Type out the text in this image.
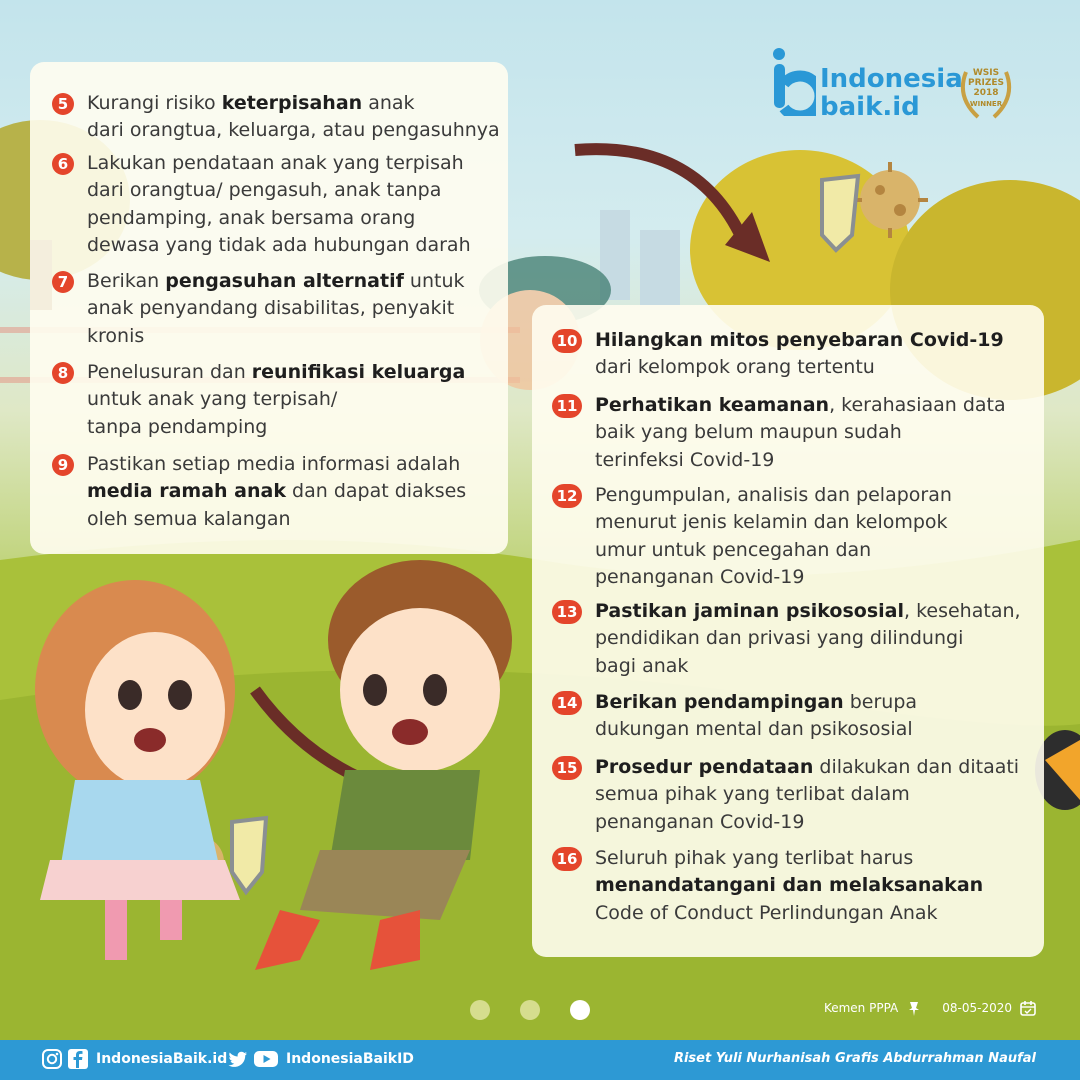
Indonesia
baik.id
WSIS
PRIZES
2018
WINNER
5 Kurangi risiko keterpisahan anak
dari orangtua, keluarga, atau pengasuhnya
6 Lakukan pendataan anak yang terpisah
dari orangtua/ pengasuh, anak tanpa
pendamping, anak bersama orang
dewasa yang tidak ada hubungan darah
7 Berikan pengasuhan alternatif untuk
anak penyandang disabilitas, penyakit
kronis
8 Penelusuran dan reunifikasi keluarga
untuk anak yang terpisah/
tanpa pendamping
9 Pastikan setiap media informasi adalah
media ramah anak dan dapat diakses
oleh semua kalangan
10 Hilangkan mitos penyebaran Covid-19
dari kelompok orang tertentu
11 Perhatikan keamanan, kerahasiaan data
baik yang belum maupun sudah
terinfeksi Covid-19
12 Pengumpulan, analisis dan pelaporan
menurut jenis kelamin dan kelompok
umur untuk pencegahan dan
penanganan Covid-19
13 Pastikan jaminan psikososial, kesehatan,
pendidikan dan privasi yang dilindungi
bagi anak
14 Berikan pendampingan berupa
dukungan mental dan psikososial
15 Prosedur pendataan dilakukan dan ditaati
semua pihak yang terlibat dalam
penanganan Covid-19
16 Seluruh pihak yang terlibat harus
menandatangani dan melaksanakan
Code of Conduct Perlindungan Anak
Kemen PPPA	08-05-2020
IndonesiaBaik.id	IndonesiaBaikID	Riset Yuli Nurhanisah Grafis Abdurrahman Naufal
